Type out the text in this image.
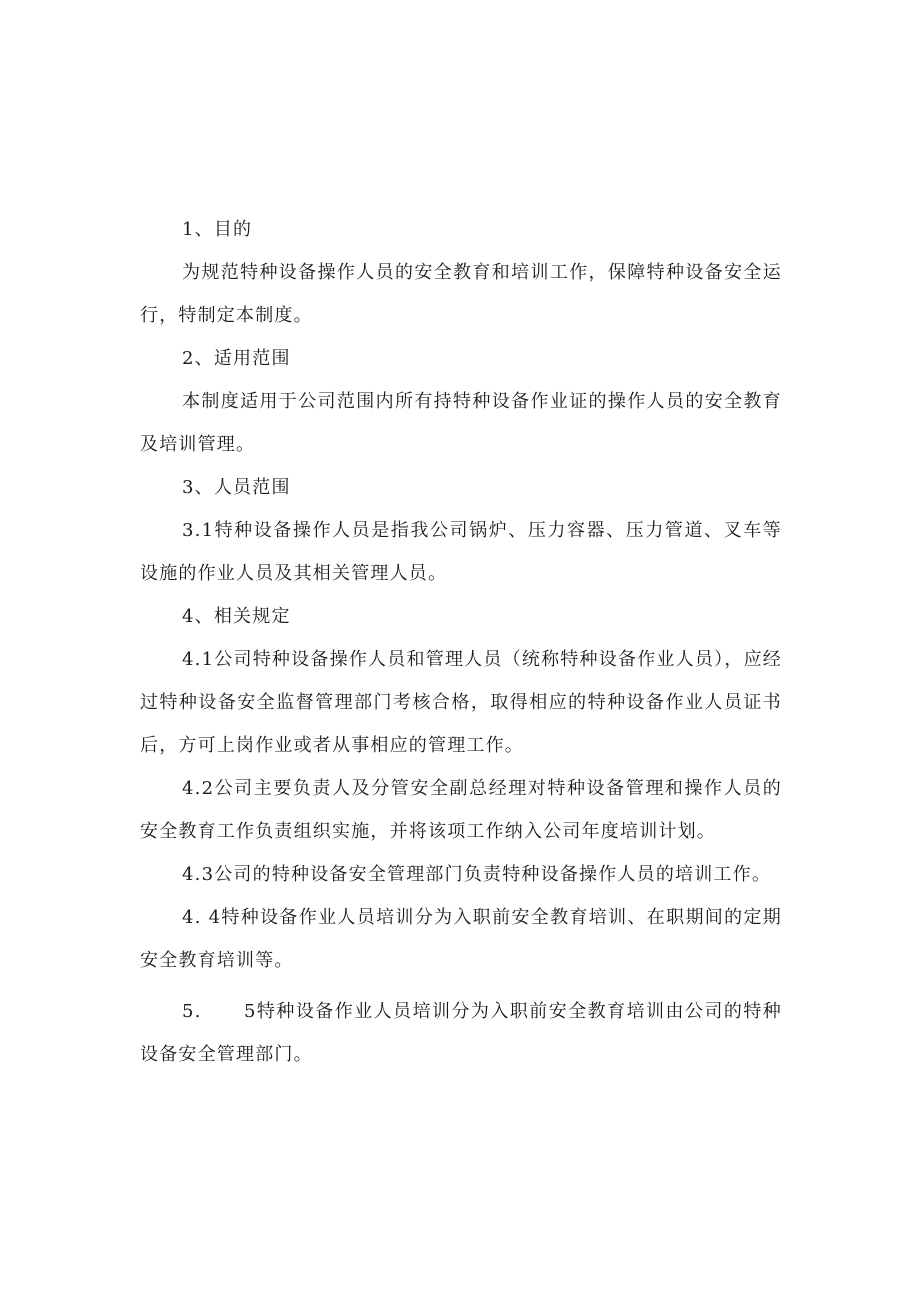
1、目的

为规范特种设备操作人员的安全教育和培训工作，保障特种设备安全运行，特制定本制度。

2、适用范围

本制度适用于公司范围内所有持特种设备作业证的操作人员的安全教育及培训管理。

3、人员范围

3.1特种设备操作人员是指我公司锅炉、压力容器、压力管道、叉车等设施的作业人员及其相关管理人员。

4、相关规定

4.1公司特种设备操作人员和管理人员（统称特种设备作业人员），应经过特种设备安全监督管理部门考核合格，取得相应的特种设备作业人员证书后，方可上岗作业或者从事相应的管理工作。

4.2公司主要负责人及分管安全副总经理对特种设备管理和操作人员的安全教育工作负责组织实施，并将该项工作纳入公司年度培训计划。

4.3公司的特种设备安全管理部门负责特种设备操作人员的培训工作。

4. 4特种设备作业人员培训分为入职前安全教育培训、在职期间的定期安全教育培训等。

5. 5特种设备作业人员培训分为入职前安全教育培训由公司的特种设备安全管理部门。
